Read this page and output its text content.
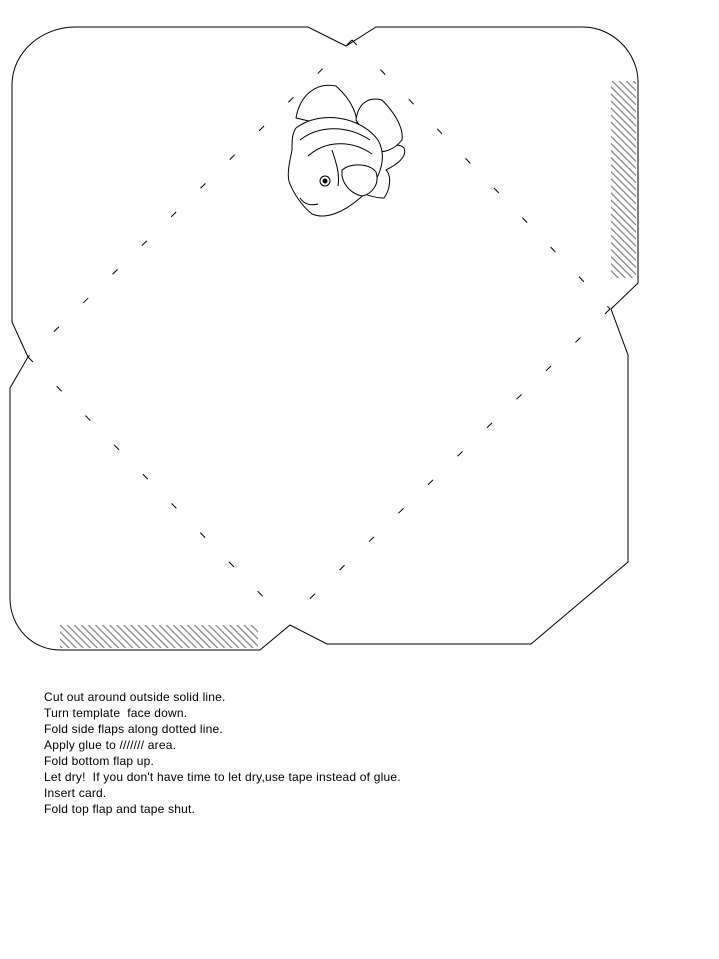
Cut out around outside solid line.
Turn template  face down.
Fold side flaps along dotted line.
Apply glue to /////// area.
Fold bottom flap up.
Let dry!  If you don't have time to let dry,use tape instead of glue.
Insert card.
Fold top flap and tape shut.
